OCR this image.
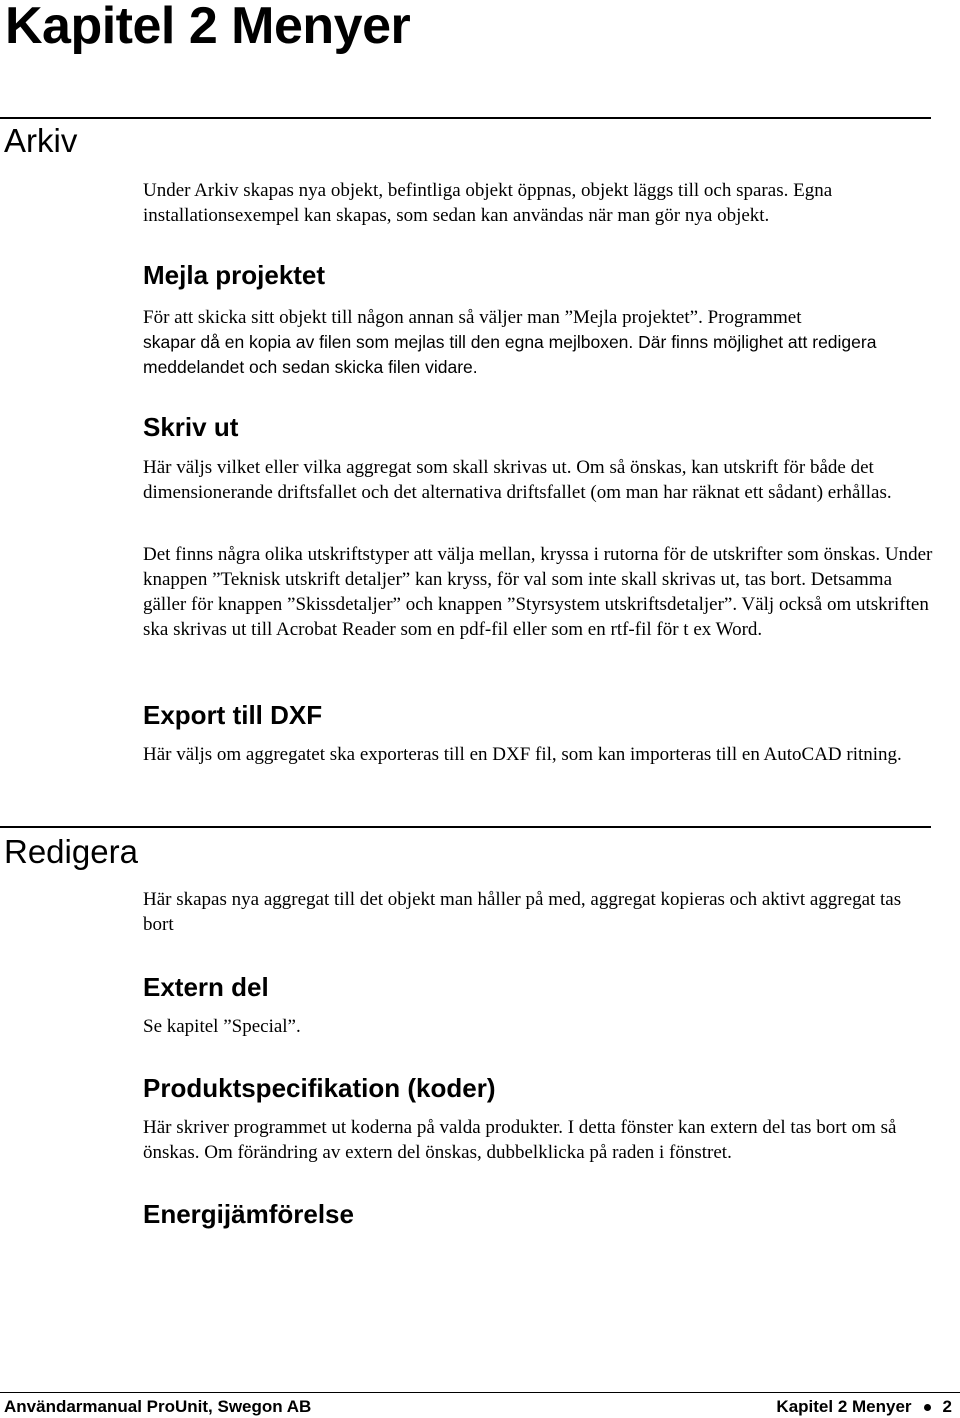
Kapitel 2 Menyer
Arkiv

Under Arkiv skapas nya objekt, befintliga objekt öppnas, objekt läggs till och sparas. Egna installationsexempel kan skapas, som sedan kan användas när man gör nya objekt.

Mejla projektet

För att skicka sitt objekt till någon annan så väljer man ”Mejla projektet”. Programmet

skapar då en kopia av filen som mejlas till den egna mejlboxen. Där finns möjlighet att redigera meddelandet och sedan skicka filen vidare.

Skriv ut

Här väljs vilket eller vilka aggregat som skall skrivas ut. Om så önskas, kan utskrift för både det dimensionerande driftsfallet och det alternativa driftsfallet (om man har räknat ett sådant) erhållas.

Det finns några olika utskriftstyper att välja mellan, kryssa i rutorna för de utskrifter som önskas. Under knappen ”Teknisk utskrift detaljer” kan kryss, för val som inte skall skrivas ut, tas bort. Detsamma gäller för knappen ”Skissdetaljer” och knappen ”Styrsystem utskriftsdetaljer”. Välj också om utskriften ska skrivas ut till Acrobat Reader som en pdf-fil eller som en rtf-fil för t ex Word.

Export till DXF

Här väljs om aggregatet ska exporteras till en DXF fil, som kan importeras till en AutoCAD ritning.

Redigera

Här skapas nya aggregat till det objekt man håller på med, aggregat kopieras och aktivt aggregat tas bort

Extern del

Se kapitel ”Special”.

Produktspecifikation (koder)

Här skriver programmet ut koderna på valda produkter. I detta fönster kan extern del tas bort om så önskas. Om förändring av extern del önskas, dubbelklicka på raden i fönstret.

Energijämförelse
Användarmanual ProUnit, Swegon AB	Kapitel 2 Menyer 2
